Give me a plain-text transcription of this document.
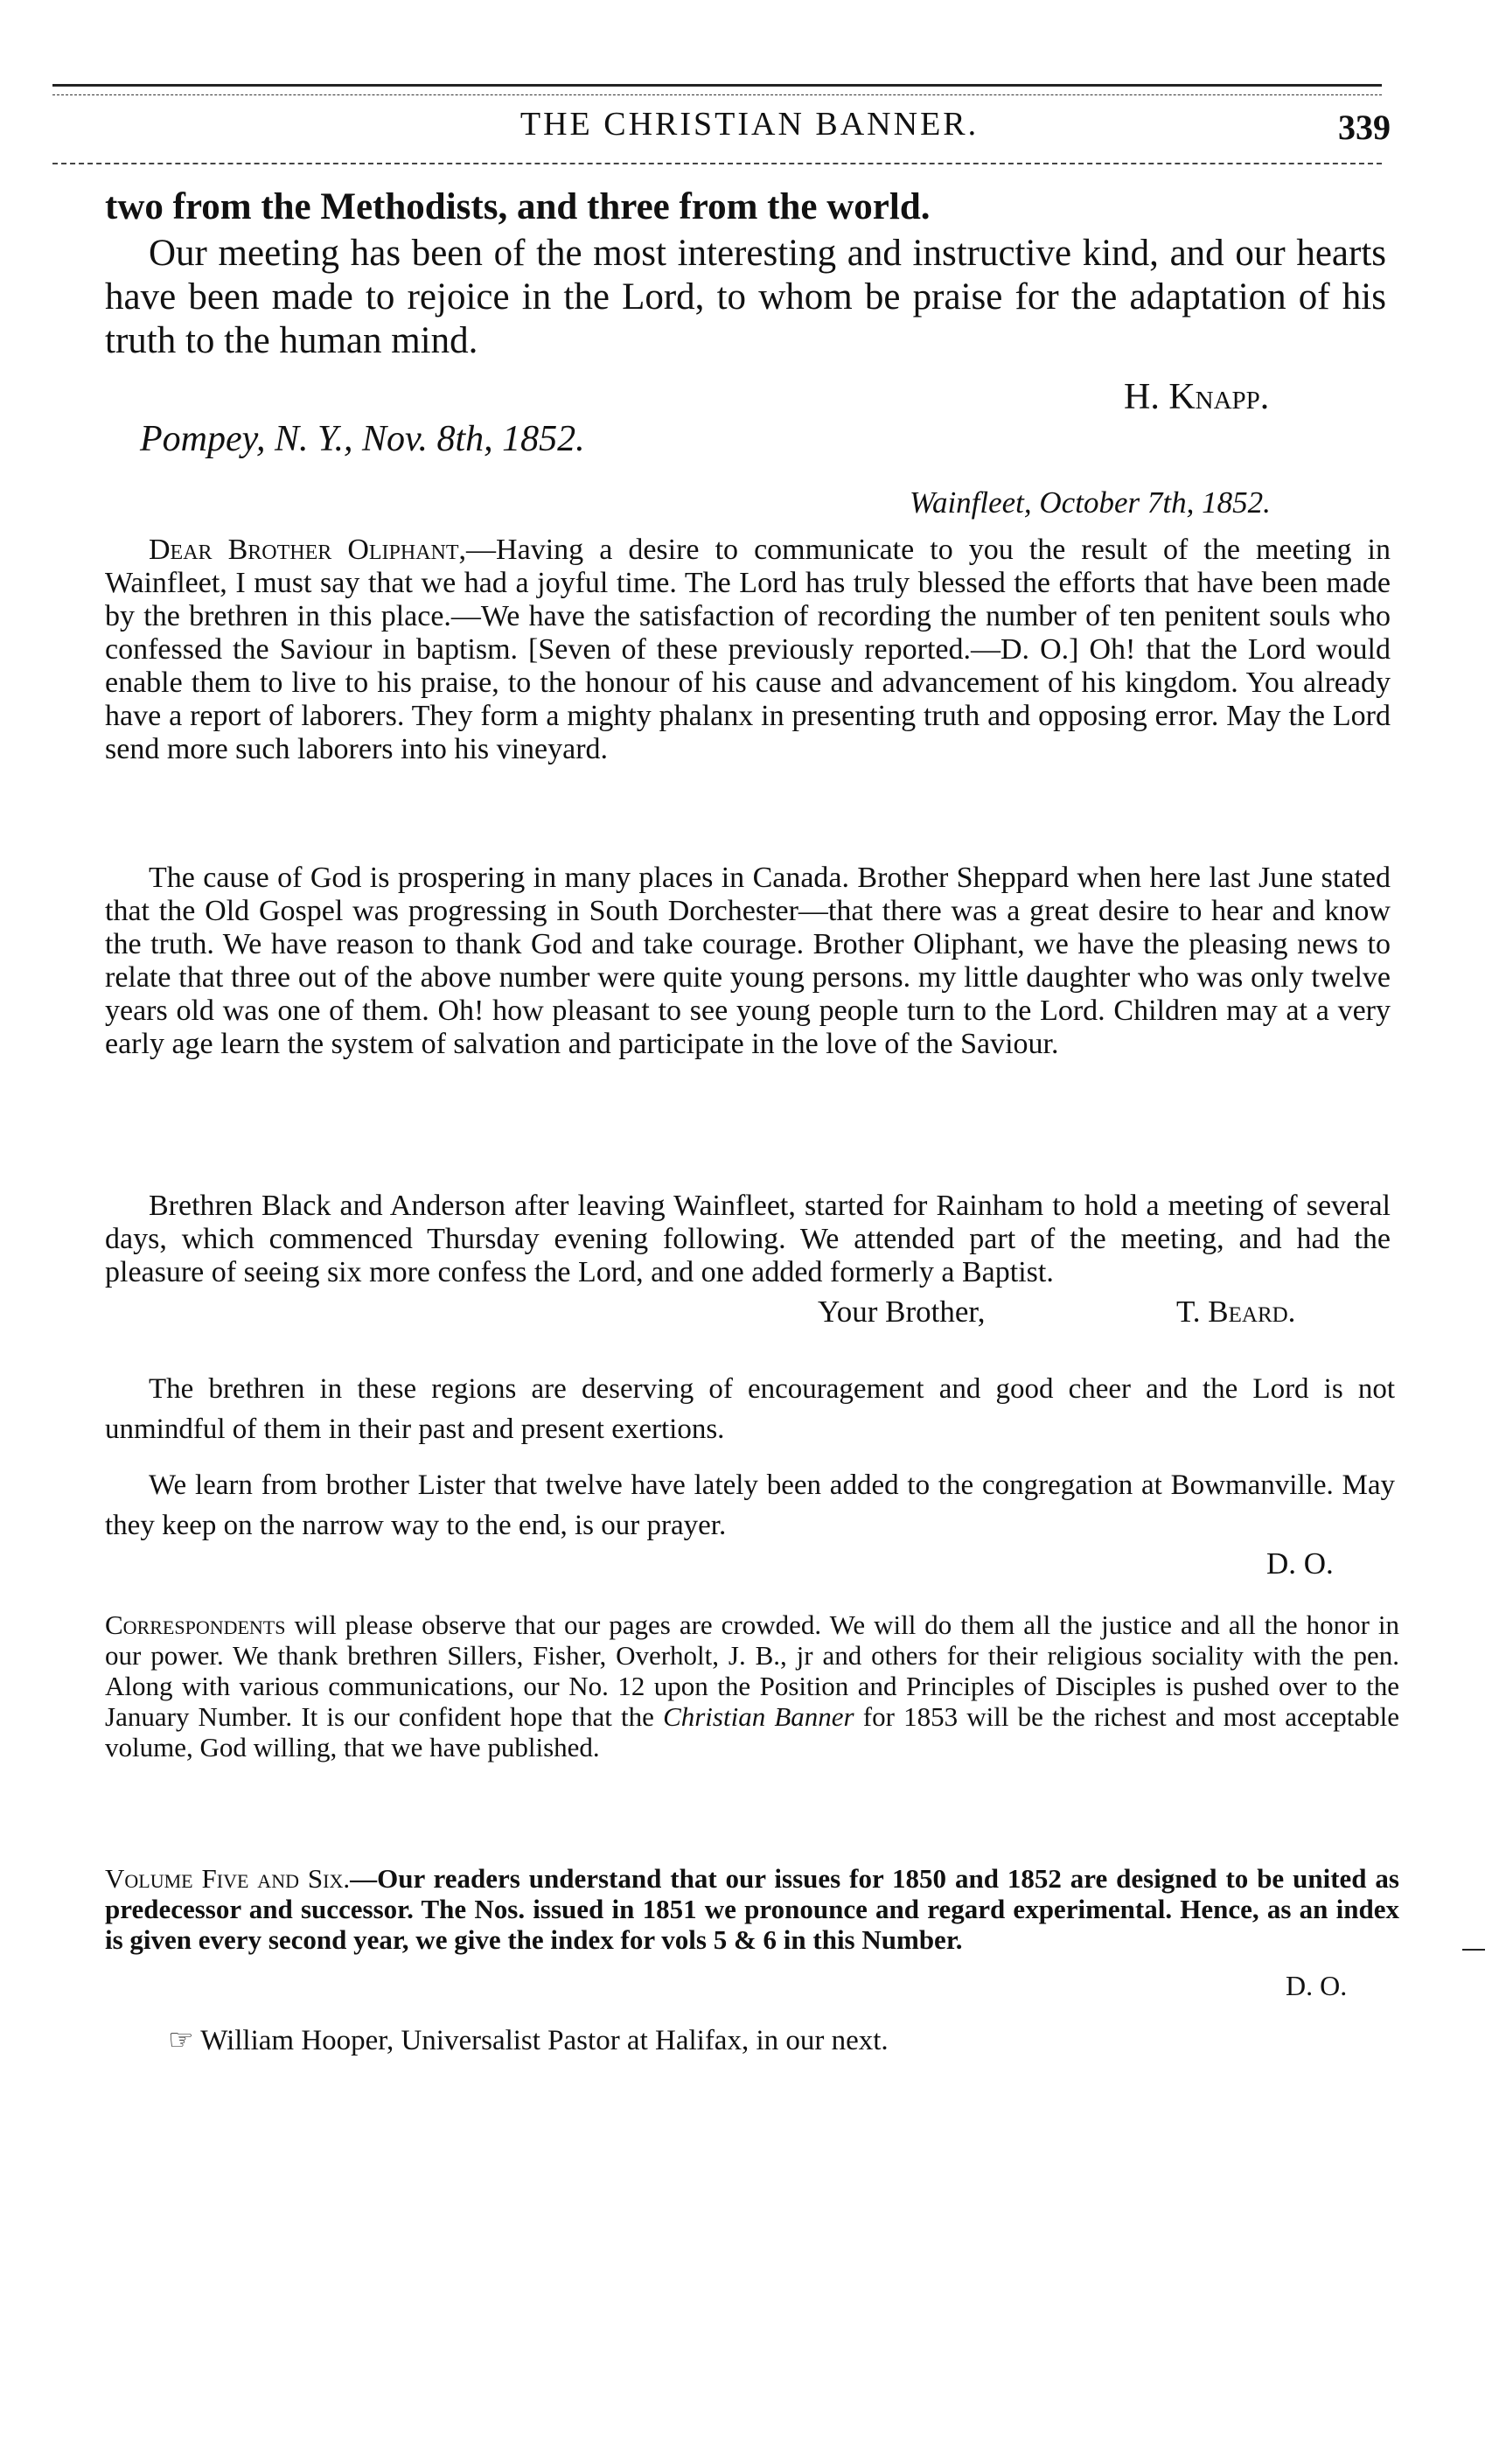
THE CHRISTIAN BANNER.	339
two from the Methodists, and three from the world.
Our meeting has been of the most interesting and instructive kind, and our hearts have been made to rejoice in the Lord, to whom be praise for the adaptation of his truth to the human mind.
H. Knapp.
Pompey, N. Y., Nov. 8th, 1852.
Wainfleet, October 7th, 1852.
Dear Brother Oliphant,—Having a desire to communicate to you the result of the meeting in Wainfleet, I must say that we had a joyful time. The Lord has truly blessed the efforts that have been made by the brethren in this place.—We have the satisfaction of recording the number of ten penitent souls who confessed the Saviour in baptism. [Seven of these previously reported.—D. O.] Oh! that the Lord would enable them to live to his praise, to the honour of his cause and advancement of his kingdom. You already have a report of laborers. They form a mighty phalanx in presenting truth and opposing error. May the Lord send more such laborers into his vineyard.
The cause of God is prospering in many places in Canada. Brother Sheppard when here last June stated that the Old Gospel was progressing in South Dorchester—that there was a great desire to hear and know the truth. We have reason to thank God and take courage. Brother Oliphant, we have the pleasing news to relate that three out of the above number were quite young persons. my little daughter who was only twelve years old was one of them. Oh! how pleasant to see young people turn to the Lord. Children may at a very early age learn the system of salvation and participate in the love of the Saviour.
Brethren Black and Anderson after leaving Wainfleet, started for Rainham to hold a meeting of several days, which commenced Thursday evening following. We attended part of the meeting, and had the pleasure of seeing six more confess the Lord, and one added formerly a Baptist.
Your Brother,	T. Beard.
The brethren in these regions are deserving of encouragement and good cheer and the Lord is not unmindful of them in their past and present exertions.
We learn from brother Lister that twelve have lately been added to the congregation at Bowmanville. May they keep on the narrow way to the end, is our prayer.
D. O.
Correspondents will please observe that our pages are crowded. We will do them all the justice and all the honor in our power. We thank brethren Sillers, Fisher, Overholt, J. B., jr and others for their religious sociality with the pen. Along with various communications, our No. 12 upon the Position and Principles of Disciples is pushed over to the January Number. It is our confident hope that the Christian Banner for 1853 will be the richest and most acceptable volume, God willing, that we have published.
Volume Five and Six.—Our readers understand that our issues for 1850 and 1852 are designed to be united as predecessor and successor. The Nos. issued in 1851 we pronounce and regard experimental. Hence, as an index is given every second year, we give the index for vols 5 & 6 in this Number.
D. O.
☞ William Hooper, Universalist Pastor at Halifax, in our next.
